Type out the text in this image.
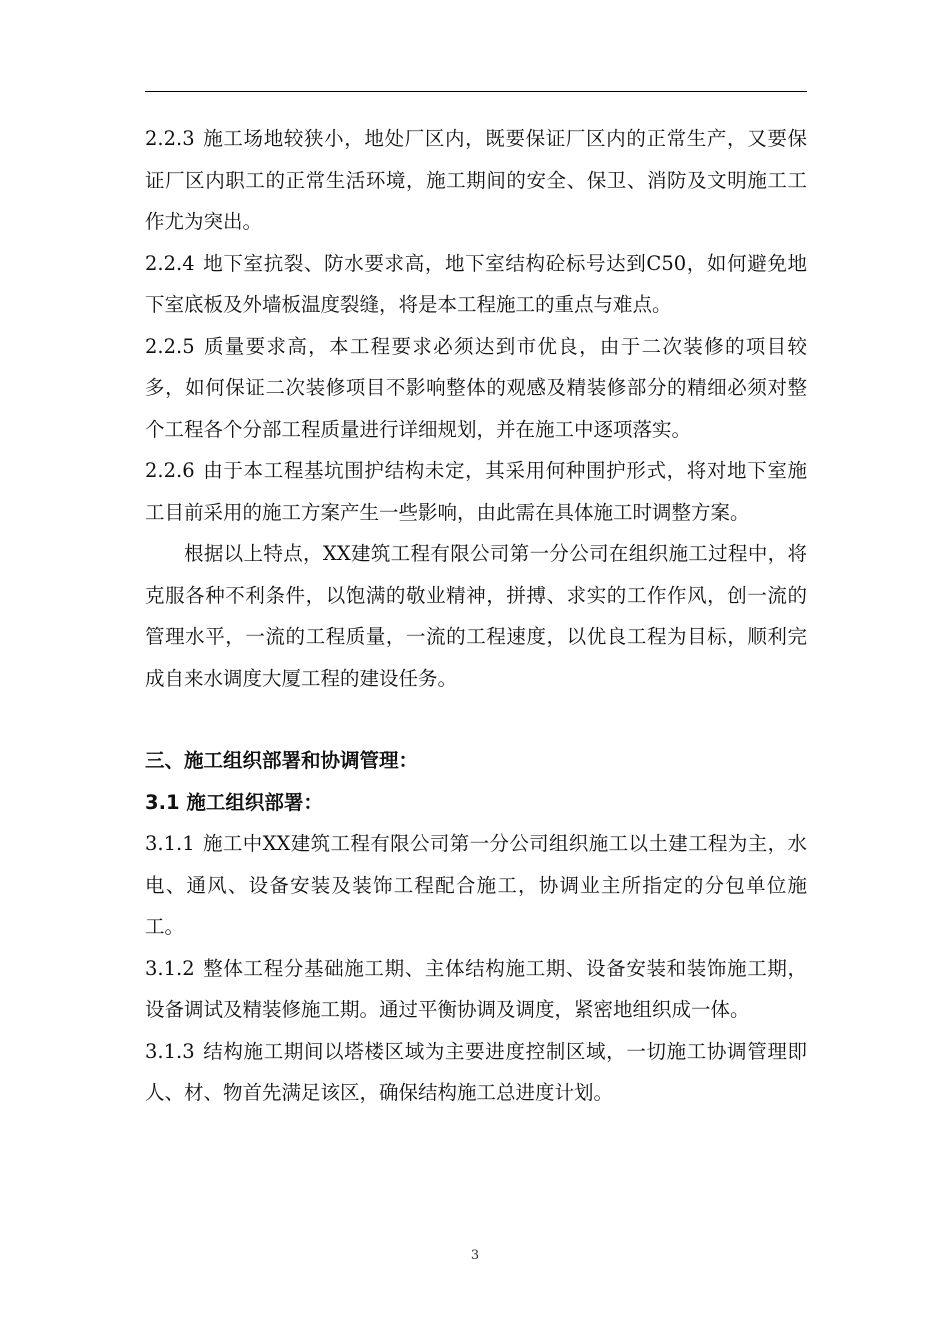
2.2.3 施工场地较狭小，地处厂区内，既要保证厂区内的正常生产，又要保证厂区内职工的正常生活环境，施工期间的安全、保卫、消防及文明施工工作尤为突出。

2.2.4 地下室抗裂、防水要求高，地下室结构砼标号达到C50，如何避免地下室底板及外墙板温度裂缝，将是本工程施工的重点与难点。

2.2.5 质量要求高，本工程要求必须达到市优良，由于二次装修的项目较多，如何保证二次装修项目不影响整体的观感及精装修部分的精细必须对整个工程各个分部工程质量进行详细规划，并在施工中逐项落实。

2.2.6 由于本工程基坑围护结构未定，其采用何种围护形式，将对地下室施工目前采用的施工方案产生一些影响，由此需在具体施工时调整方案。

根据以上特点，XX建筑工程有限公司第一分公司在组织施工过程中，将克服各种不利条件，以饱满的敬业精神，拼搏、求实的工作作风，创一流的管理水平，一流的工程质量，一流的工程速度，以优良工程为目标，顺利完成自来水调度大厦工程的建设任务。

三、施工组织部署和协调管理：

3.1 施工组织部署：

3.1.1 施工中XX建筑工程有限公司第一分公司组织施工以土建工程为主，水电、通风、设备安装及装饰工程配合施工，协调业主所指定的分包单位施工。

3.1.2 整体工程分基础施工期、主体结构施工期、设备安装和装饰施工期，设备调试及精装修施工期。通过平衡协调及调度，紧密地组织成一体。

3.1.3 结构施工期间以塔楼区域为主要进度控制区域，一切施工协调管理即人、材、物首先满足该区，确保结构施工总进度计划。

3
